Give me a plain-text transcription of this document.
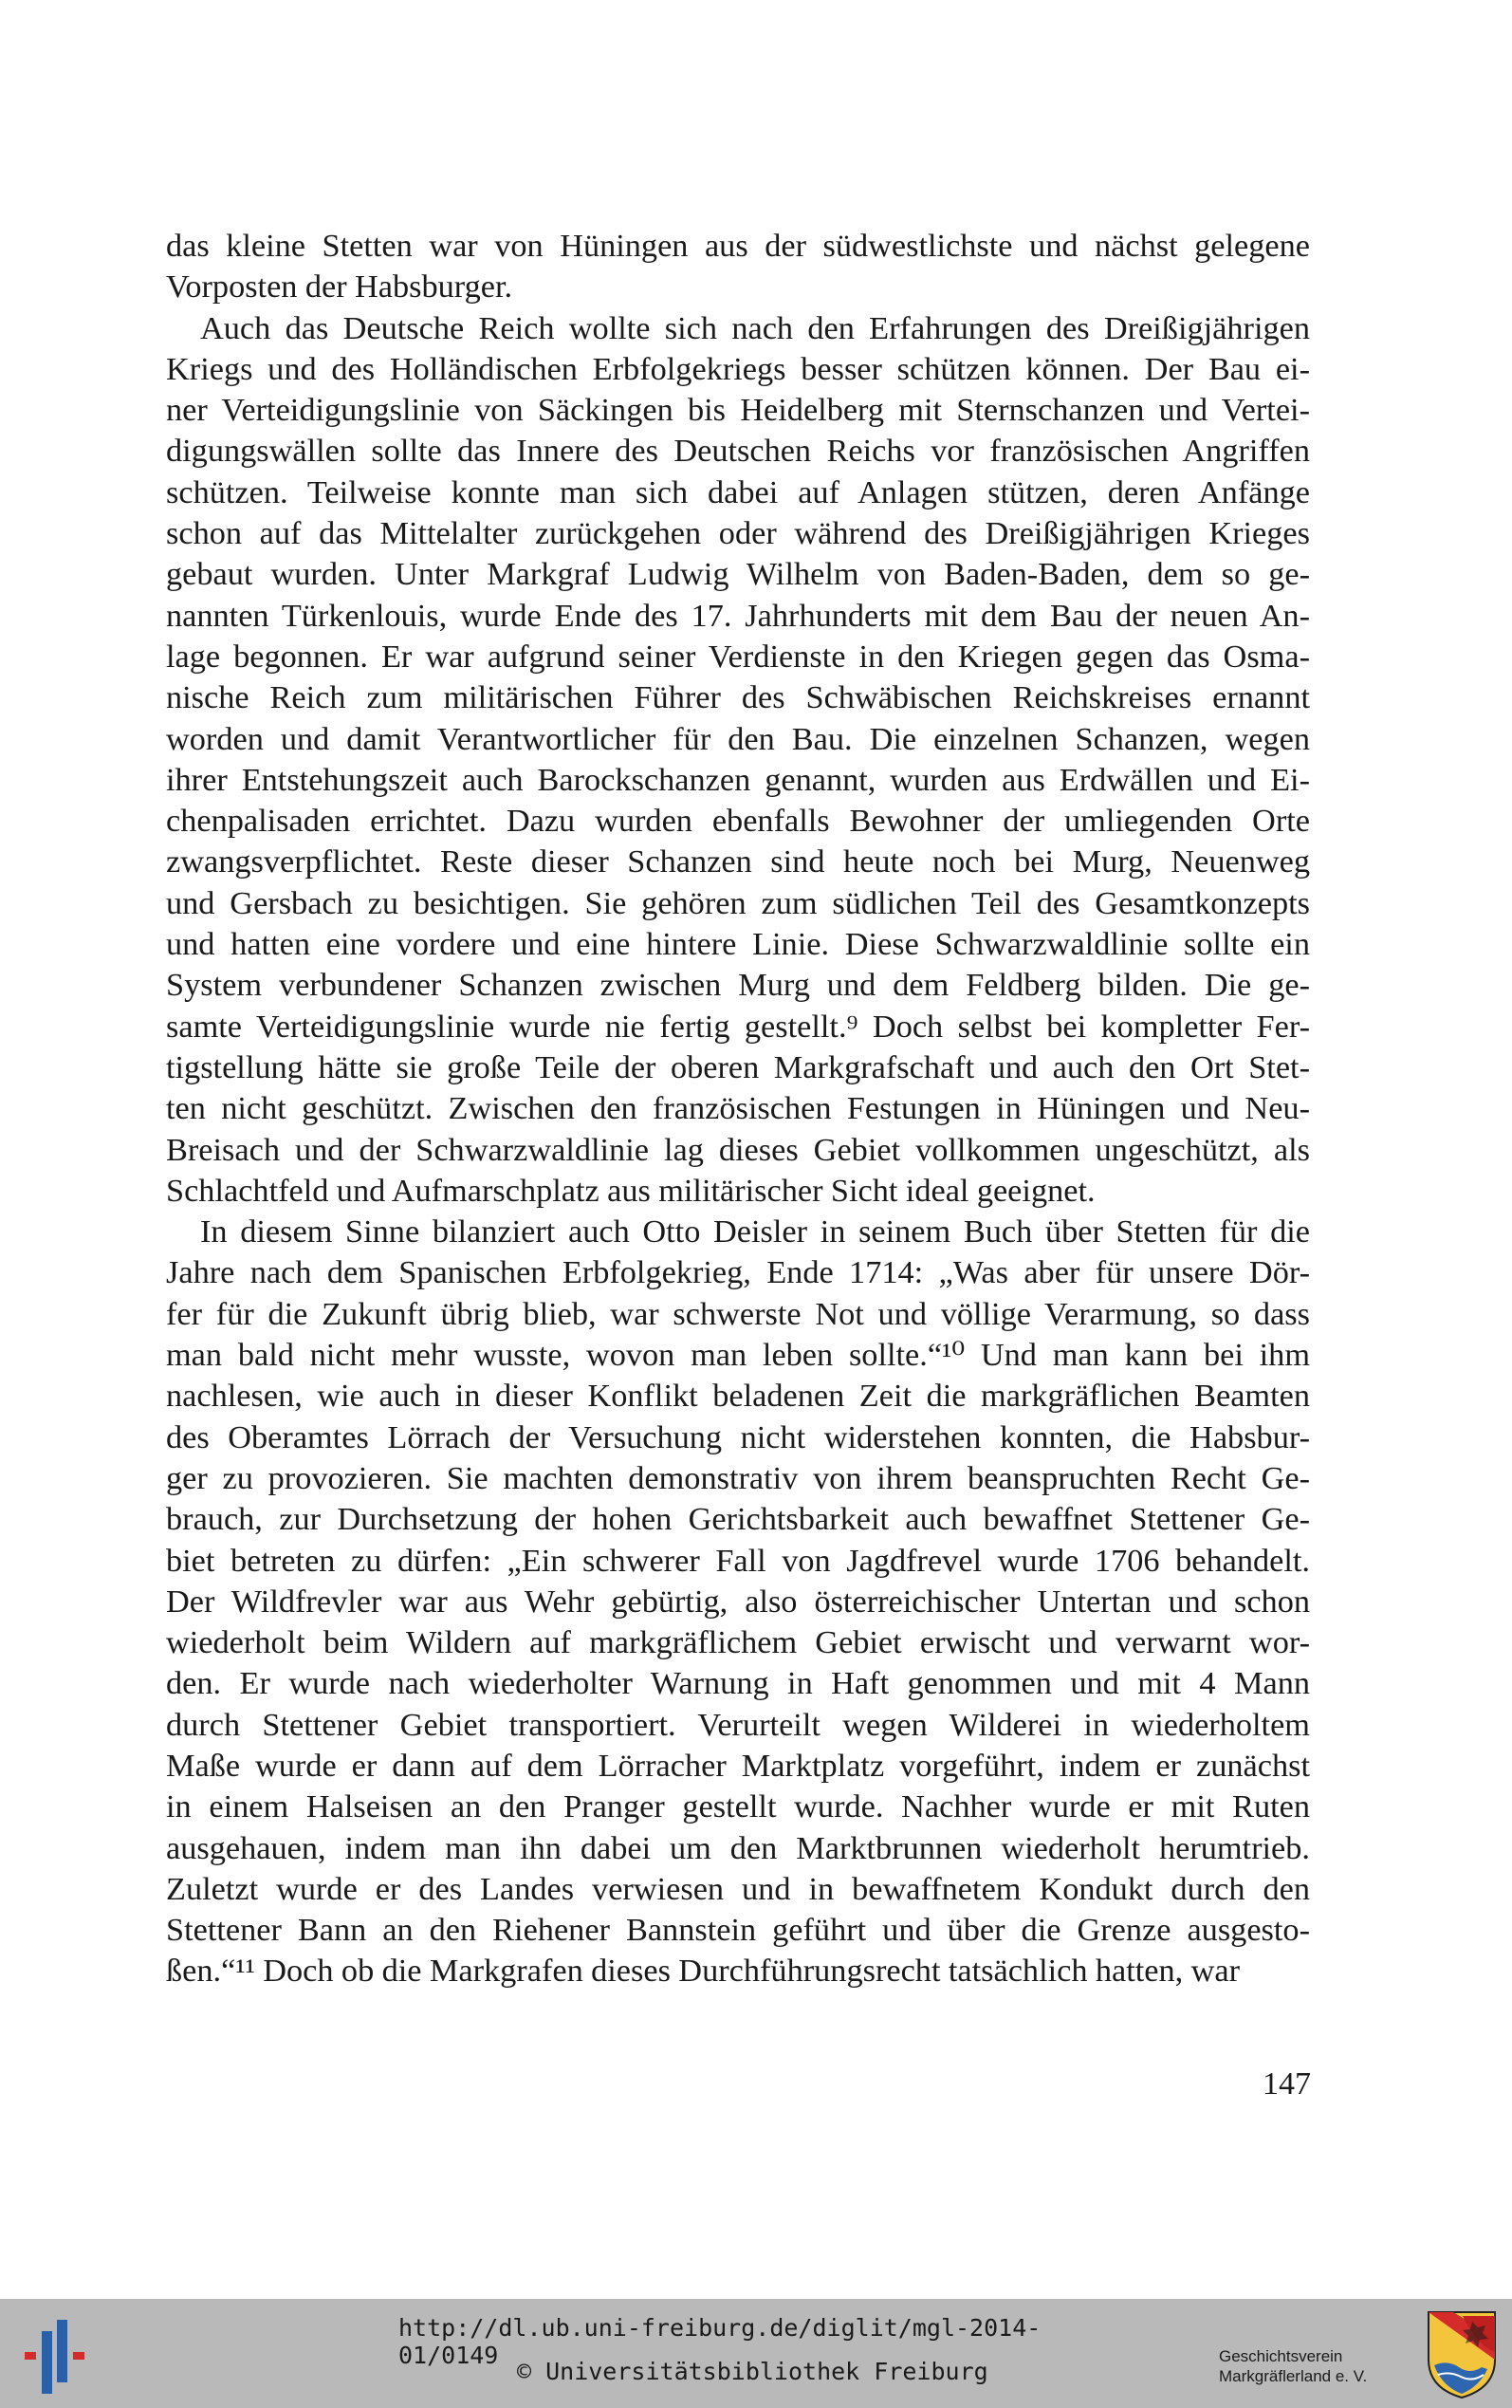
das kleine Stetten war von Hüningen aus der südwestlichste und nächst gelegene
Vorposten der Habsburger.

Auch das Deutsche Reich wollte sich nach den Erfahrungen des Dreißigjährigen
Kriegs und des Holländischen Erbfolgekriegs besser schützen können. Der Bau ei-
ner Verteidigungslinie von Säckingen bis Heidelberg mit Sternschanzen und Vertei-
digungswällen sollte das Innere des Deutschen Reichs vor französischen Angriffen
schützen. Teilweise konnte man sich dabei auf Anlagen stützen, deren Anfänge
schon auf das Mittelalter zurückgehen oder während des Dreißigjährigen Krieges
gebaut wurden. Unter Markgraf Ludwig Wilhelm von Baden-Baden, dem so ge-
nannten Türkenlouis, wurde Ende des 17. Jahrhunderts mit dem Bau der neuen An-
lage begonnen. Er war aufgrund seiner Verdienste in den Kriegen gegen das Osma-
nische Reich zum militärischen Führer des Schwäbischen Reichskreises ernannt
worden und damit Verantwortlicher für den Bau. Die einzelnen Schanzen, wegen
ihrer Entstehungszeit auch Barockschanzen genannt, wurden aus Erdwällen und Ei-
chenpalisaden errichtet. Dazu wurden ebenfalls Bewohner der umliegenden Orte
zwangsverpflichtet. Reste dieser Schanzen sind heute noch bei Murg, Neuenweg
und Gersbach zu besichtigen. Sie gehören zum südlichen Teil des Gesamtkonzepts
und hatten eine vordere und eine hintere Linie. Diese Schwarzwaldlinie sollte ein
System verbundener Schanzen zwischen Murg und dem Feldberg bilden. Die ge-
samte Verteidigungslinie wurde nie fertig gestellt.⁹ Doch selbst bei kompletter Fer-
tigstellung hätte sie große Teile der oberen Markgrafschaft und auch den Ort Stet-
ten nicht geschützt. Zwischen den französischen Festungen in Hüningen und Neu-
Breisach und der Schwarzwaldlinie lag dieses Gebiet vollkommen ungeschützt, als
Schlachtfeld und Aufmarschplatz aus militärischer Sicht ideal geeignet.

In diesem Sinne bilanziert auch Otto Deisler in seinem Buch über Stetten für die
Jahre nach dem Spanischen Erbfolgekrieg, Ende 1714: „Was aber für unsere Dör-
fer für die Zukunft übrig blieb, war schwerste Not und völlige Verarmung, so dass
man bald nicht mehr wusste, wovon man leben sollte.“¹⁰ Und man kann bei ihm
nachlesen, wie auch in dieser Konflikt beladenen Zeit die markgräflichen Beamten
des Oberamtes Lörrach der Versuchung nicht widerstehen konnten, die Habsbur-
ger zu provozieren. Sie machten demonstrativ von ihrem beanspruchten Recht Ge-
brauch, zur Durchsetzung der hohen Gerichtsbarkeit auch bewaffnet Stettener Ge-
biet betreten zu dürfen: „Ein schwerer Fall von Jagdfrevel wurde 1706 behandelt.
Der Wildfrevler war aus Wehr gebürtig, also österreichischer Untertan und schon
wiederholt beim Wildern auf markgräflichem Gebiet erwischt und verwarnt wor-
den. Er wurde nach wiederholter Warnung in Haft genommen und mit 4 Mann
durch Stettener Gebiet transportiert. Verurteilt wegen Wilderei in wiederholtem
Maße wurde er dann auf dem Lörracher Marktplatz vorgeführt, indem er zunächst
in einem Halseisen an den Pranger gestellt wurde. Nachher wurde er mit Ruten
ausgehauen, indem man ihn dabei um den Marktbrunnen wiederholt herumtrieb.
Zuletzt wurde er des Landes verwiesen und in bewaffnetem Kondukt durch den
Stettener Bann an den Riehener Bannstein geführt und über die Grenze ausgesto-
ßen.“¹¹ Doch ob die Markgrafen dieses Durchführungsrecht tatsächlich hatten, war

147
http://dl.ub.uni-freiburg.de/diglit/mgl-2014-01/0149
© Universitätsbibliothek Freiburg
Geschichtsverein
Markgräflerland e. V.
